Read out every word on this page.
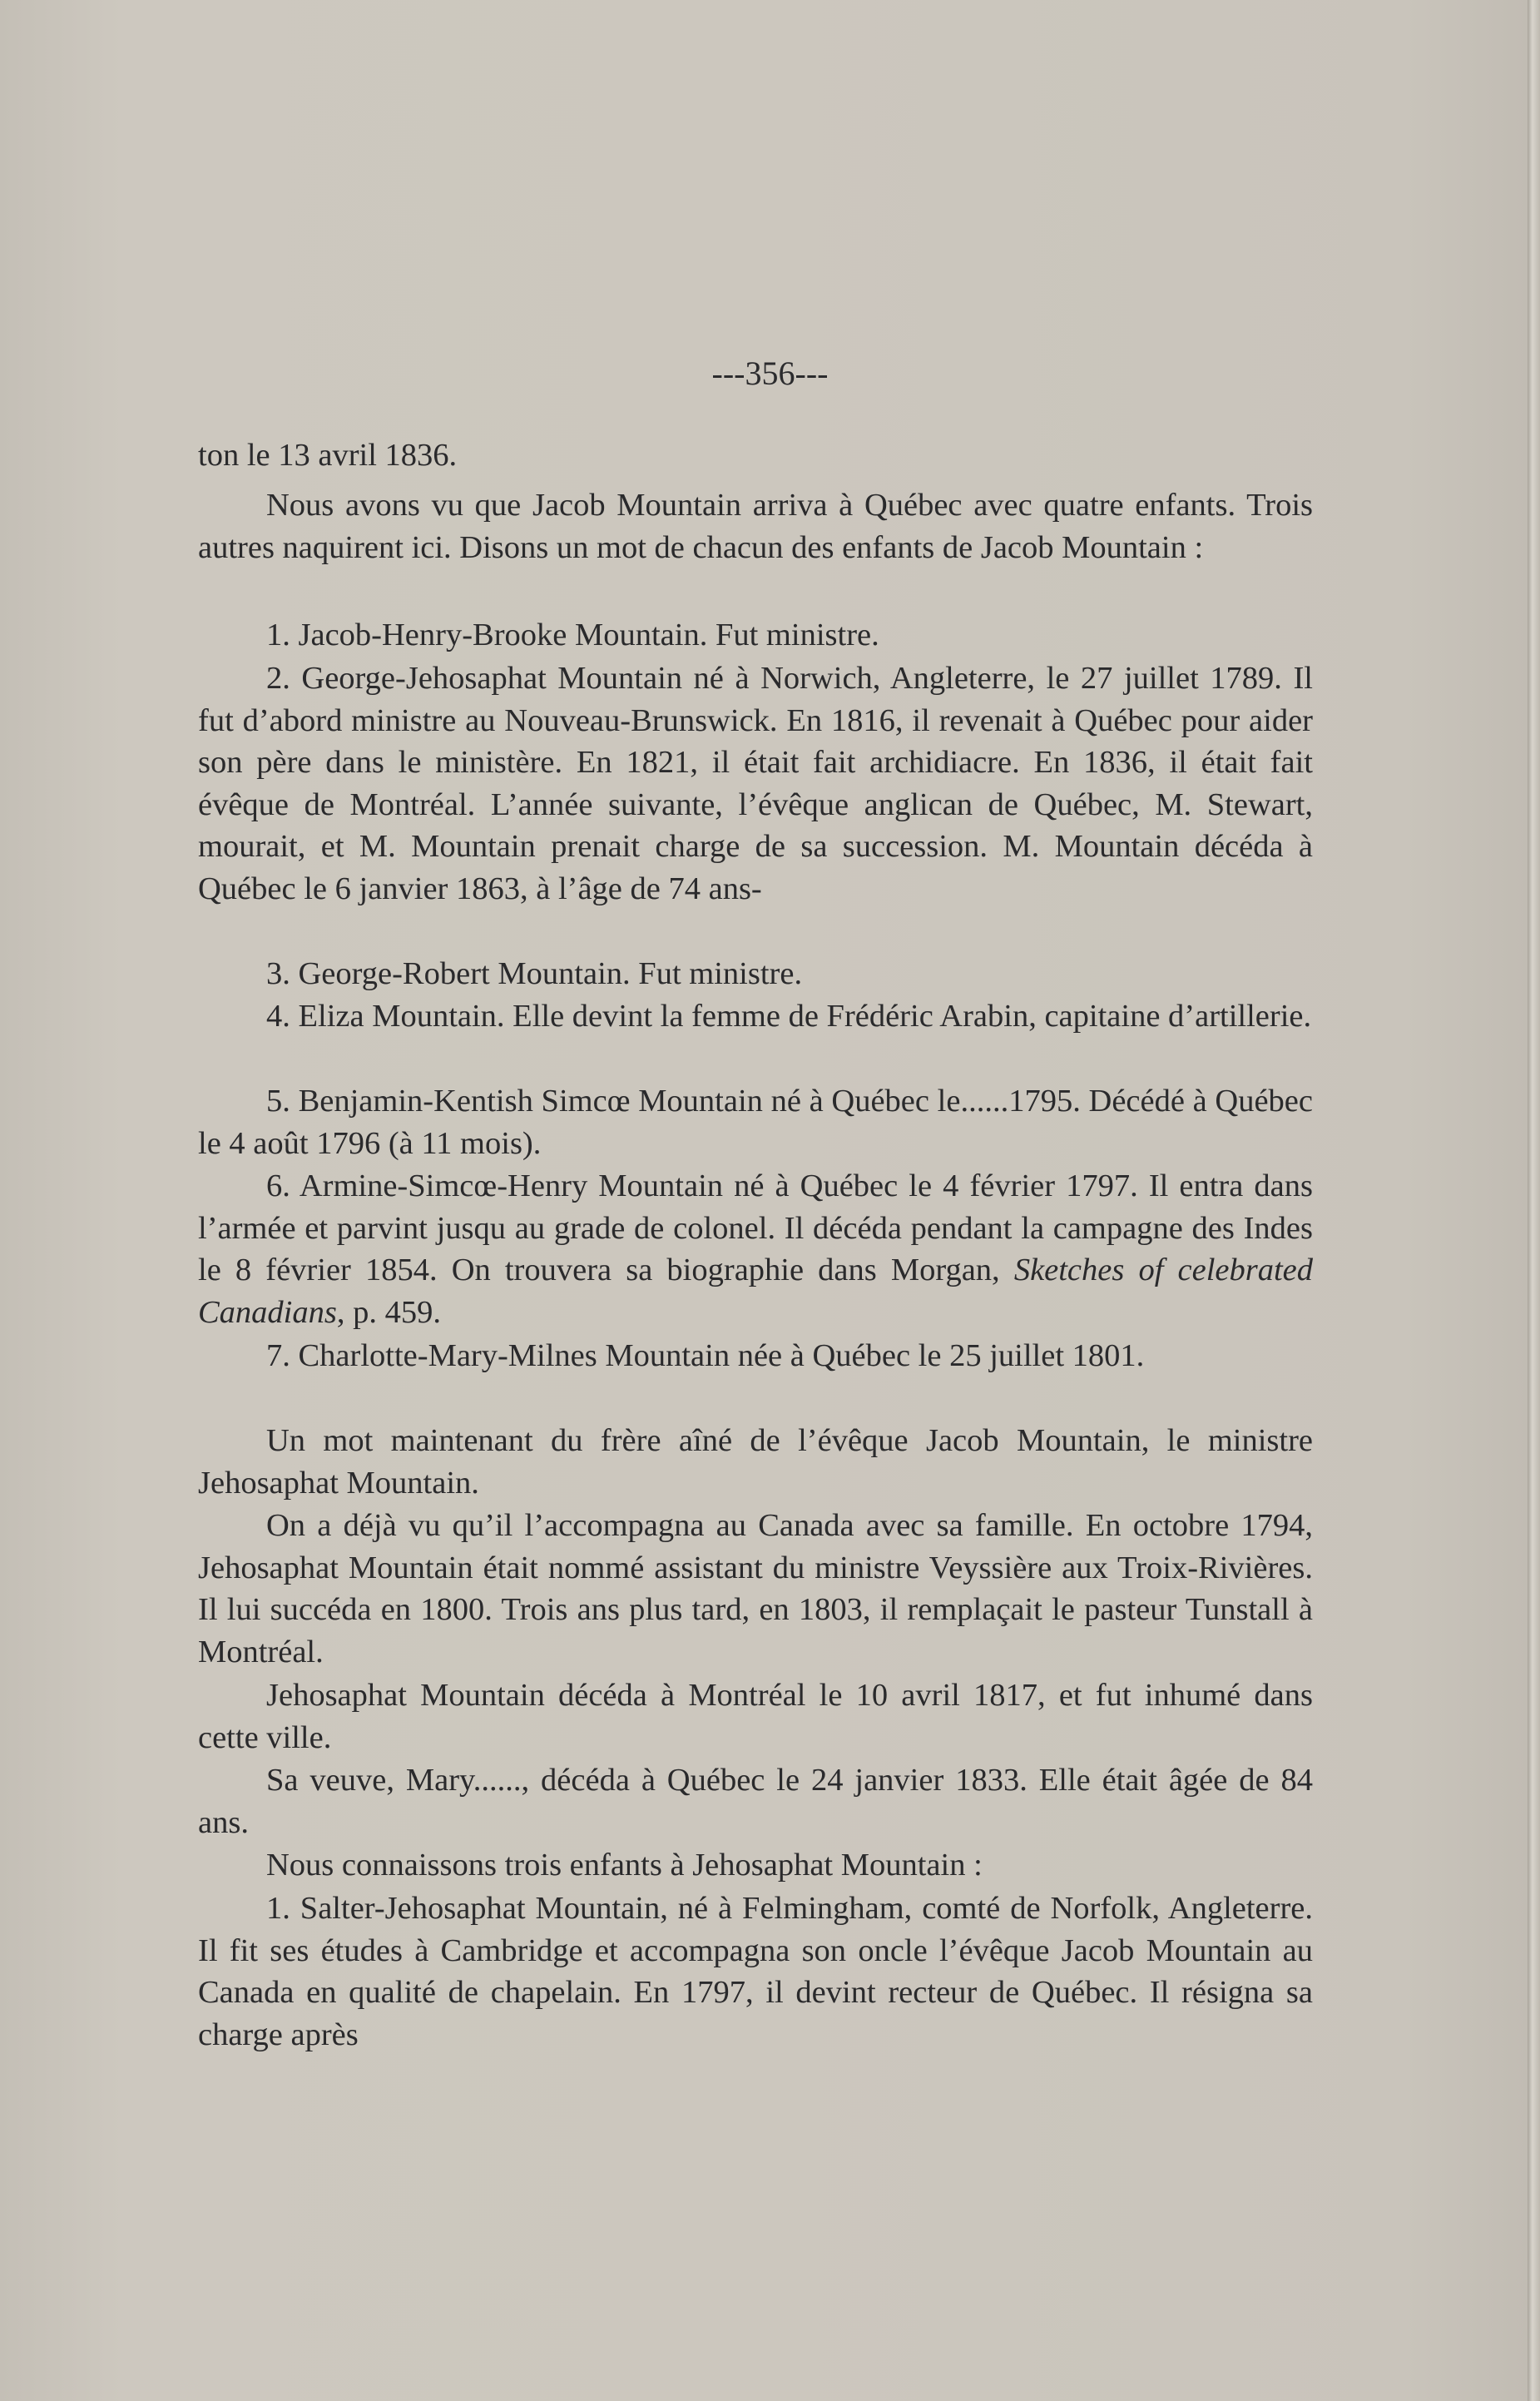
---356---
ton le 13 avril 1836.
Nous avons vu que Jacob Mountain arriva à Québec avec quatre enfants. Trois autres naquirent ici. Disons un mot de chacun des enfants de Jacob Mountain :
1. Jacob-Henry-Brooke Mountain. Fut ministre.
2. George-Jehosaphat Mountain né à Norwich, Angleterre, le 27 juillet 1789. Il fut d’abord ministre au Nouveau-Brunswick. En 1816, il revenait à Québec pour aider son père dans le ministère. En 1821, il était fait archidiacre. En 1836, il était fait évêque de Montréal. L’année suivante, l’évêque anglican de Québec, M. Stewart, mourait, et M. Mountain prenait charge de sa succession. M. Mountain décéda à Québec le 6 janvier 1863, à l’âge de 74 ans-
3. George-Robert Mountain. Fut ministre.
4. Eliza Mountain. Elle devint la femme de Frédéric Arabin, capitaine d’artillerie.
5. Benjamin-Kentish Simcœ Mountain né à Québec le......1795. Décédé à Québec le 4 août 1796 (à 11 mois).
6. Armine-Simcœ-Henry Mountain né à Québec le 4 février 1797. Il entra dans l’armée et parvint jusqu au grade de colonel. Il décéda pendant la campagne des Indes le 8 février 1854. On trouvera sa biographie dans Morgan, Sketches of celebrated Canadians, p. 459.
7. Charlotte-Mary-Milnes Mountain née à Québec le 25 juillet 1801.
Un mot maintenant du frère aîné de l’évêque Jacob Mountain, le ministre Jehosaphat Mountain.
On a déjà vu qu’il l’accompagna au Canada avec sa famille. En octobre 1794, Jehosaphat Mountain était nommé assistant du ministre Veyssière aux Troix-Rivières. Il lui succéda en 1800. Trois ans plus tard, en 1803, il remplaçait le pasteur Tunstall à Montréal.
Jehosaphat Mountain décéda à Montréal le 10 avril 1817, et fut inhumé dans cette ville.
Sa veuve, Mary......, décéda à Québec le 24 janvier 1833. Elle était âgée de 84 ans.
Nous connaissons trois enfants à Jehosaphat Mountain :
1. Salter-Jehosaphat Mountain, né à Felmingham, comté de Norfolk, Angleterre. Il fit ses études à Cambridge et accompagna son oncle l’évêque Jacob Mountain au Canada en qualité de chapelain. En 1797, il devint recteur de Québec. Il résigna sa charge après
